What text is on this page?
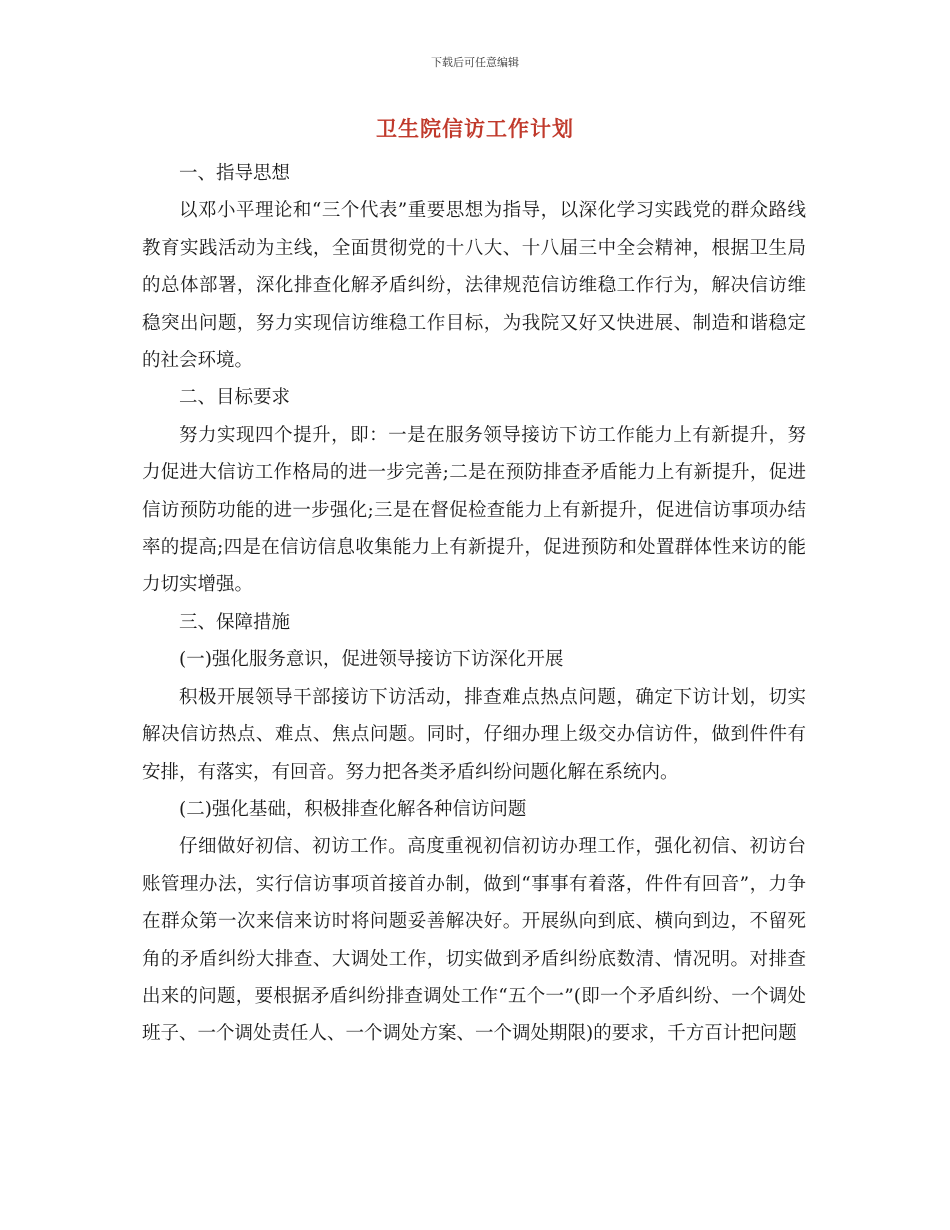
下载后可任意编辑
卫生院信访工作计划

一、指导思想

以邓小平理论和“三个代表”重要思想为指导，以深化学习实践党的群众路线教育实践活动为主线，全面贯彻党的十八大、十八届三中全会精神，根据卫生局的总体部署，深化排查化解矛盾纠纷，法律规范信访维稳工作行为，解决信访维稳突出问题，努力实现信访维稳工作目标，为我院又好又快进展、制造和谐稳定的社会环境。

二、目标要求

努力实现四个提升，即：一是在服务领导接访下访工作能力上有新提升，努力促进大信访工作格局的进一步完善;二是在预防排查矛盾能力上有新提升，促进信访预防功能的进一步强化;三是在督促检查能力上有新提升，促进信访事项办结率的提高;四是在信访信息收集能力上有新提升，促进预防和处置群体性来访的能力切实增强。

三、保障措施

(一)强化服务意识，促进领导接访下访深化开展

积极开展领导干部接访下访活动，排查难点热点问题，确定下访计划，切实解决信访热点、难点、焦点问题。同时，仔细办理上级交办信访件，做到件件有安排，有落实，有回音。努力把各类矛盾纠纷问题化解在系统内。

(二)强化基础，积极排查化解各种信访问题

仔细做好初信、初访工作。高度重视初信初访办理工作，强化初信、初访台账管理办法，实行信访事项首接首办制，做到“事事有着落，件件有回音”，力争在群众第一次来信来访时将问题妥善解决好。开展纵向到底、横向到边，不留死角的矛盾纠纷大排查、大调处工作，切实做到矛盾纠纷底数清、情况明。对排查出来的问题，要根据矛盾纠纷排查调处工作“五个一”(即一个矛盾纠纷、一个调处班子、一个调处责任人、一个调处方案、一个调处期限)的要求，千方百计把问题
